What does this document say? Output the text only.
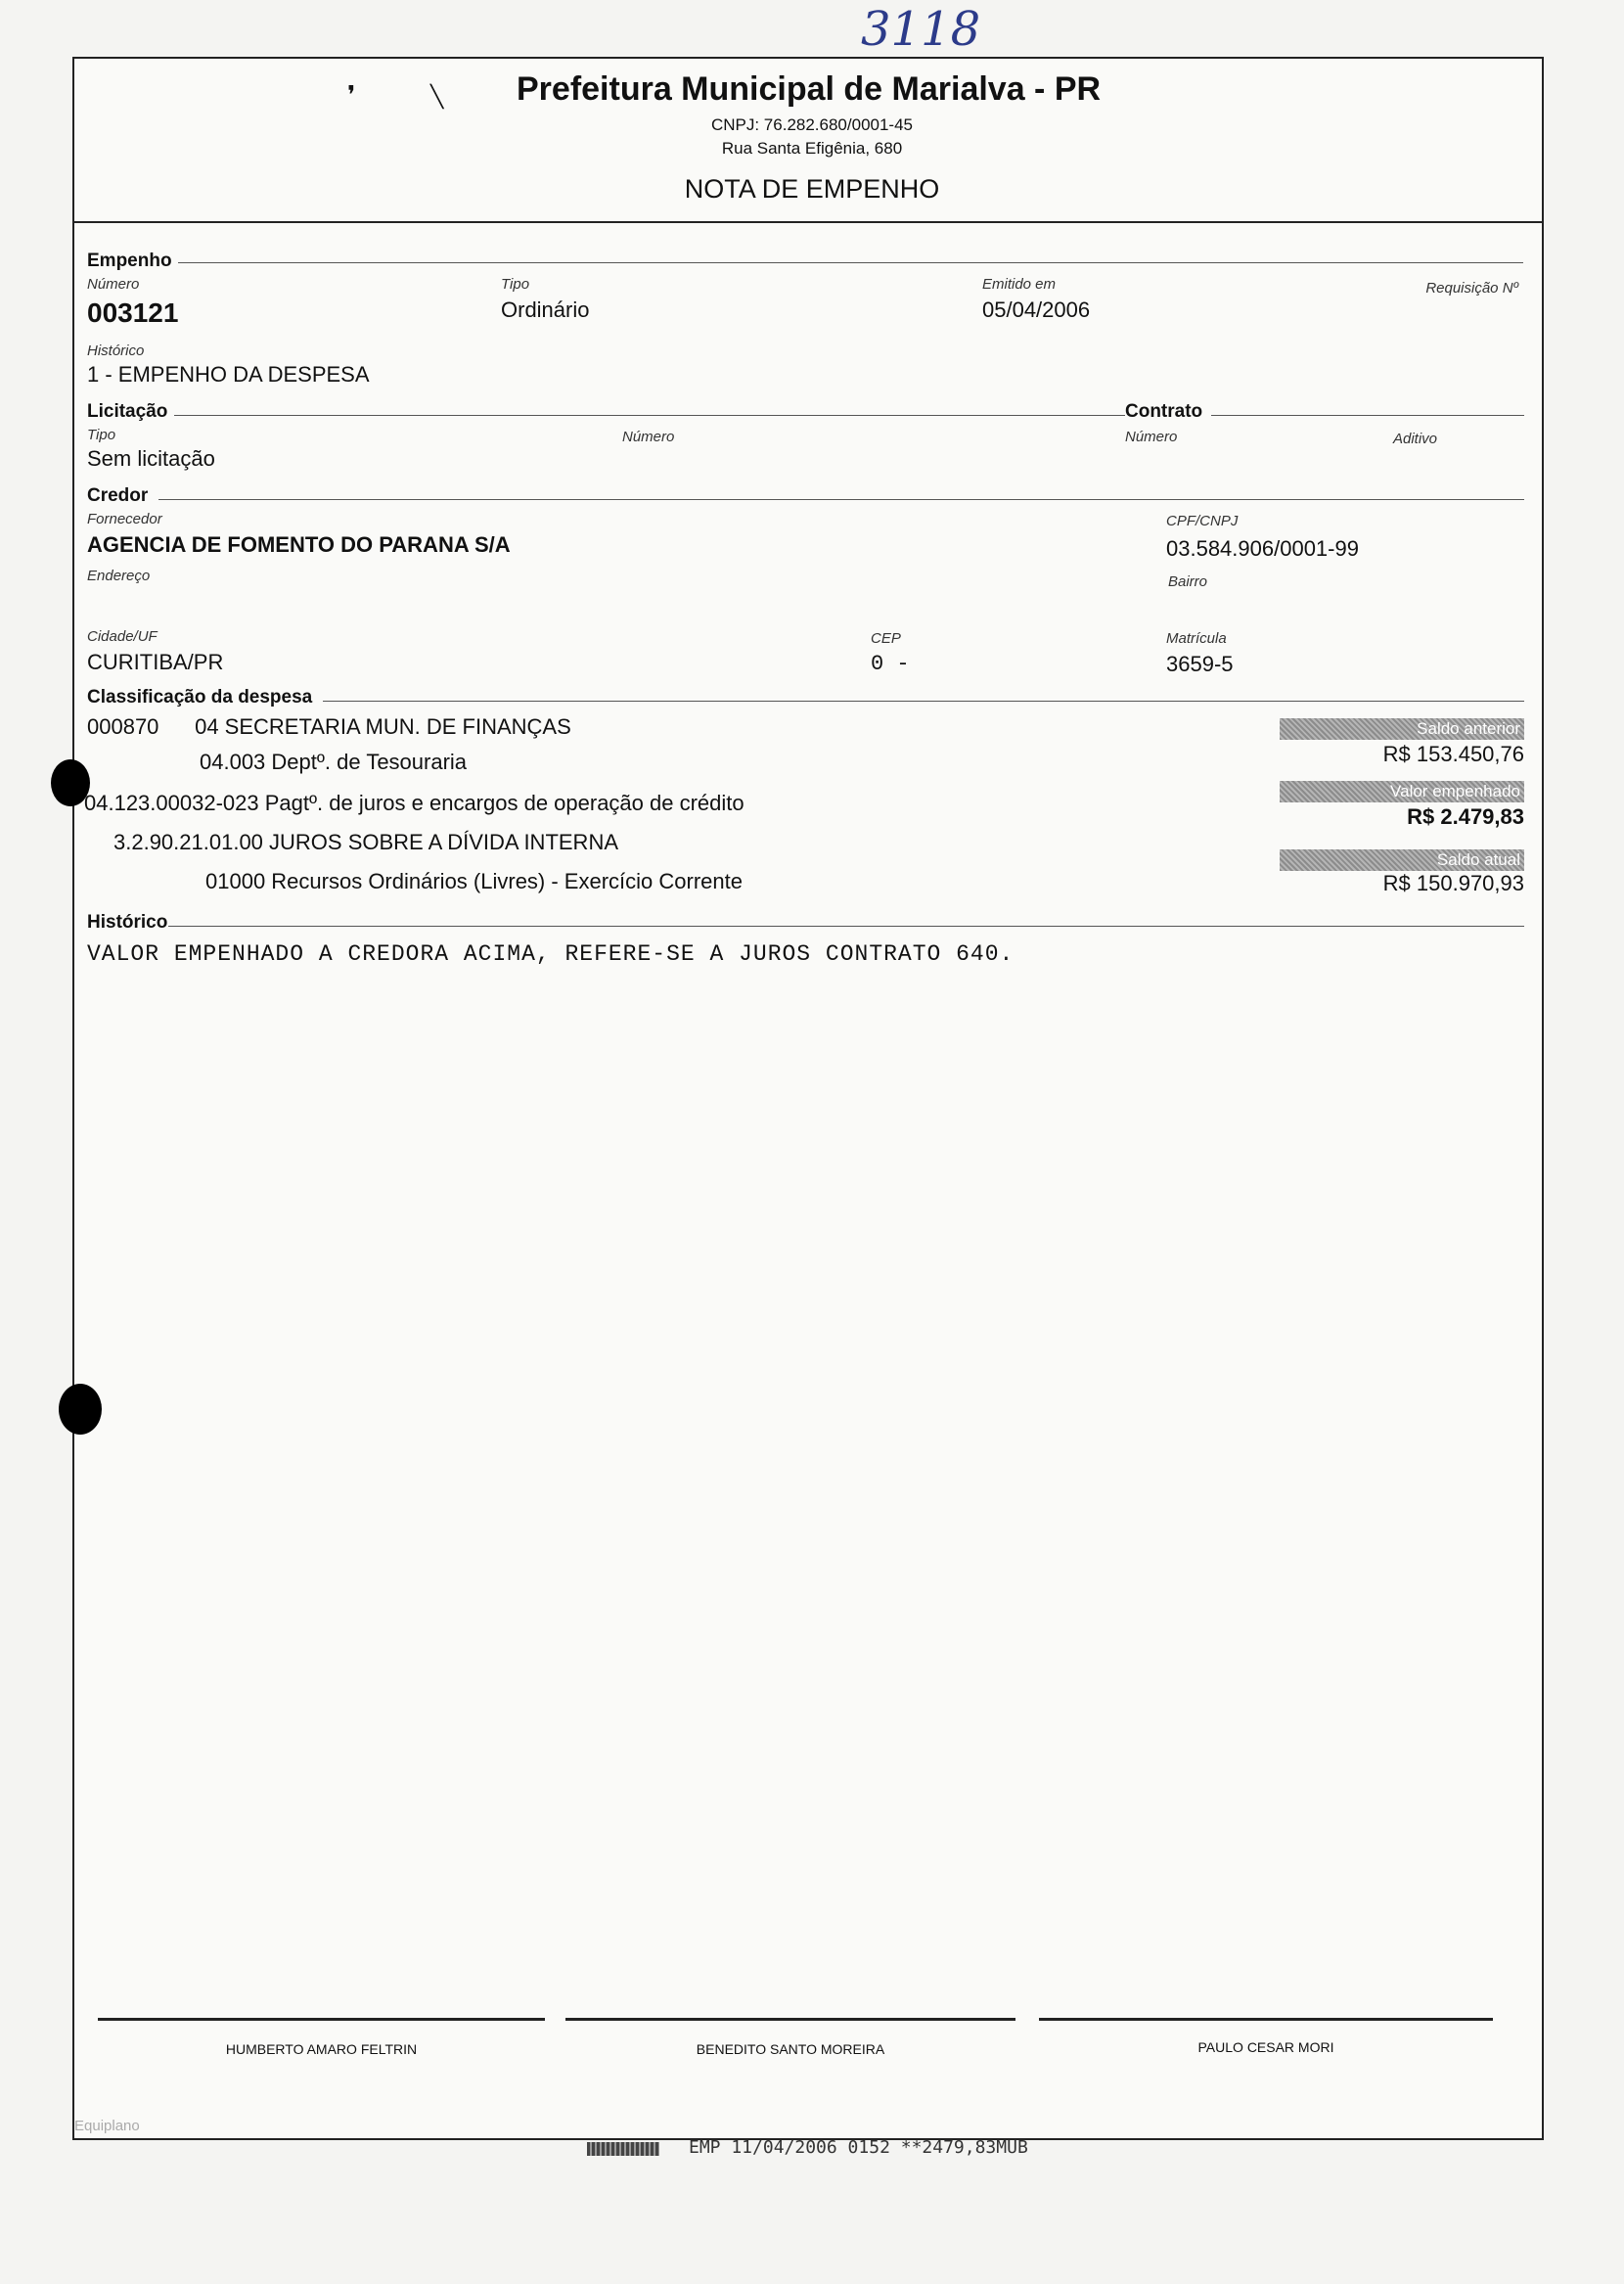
3118
❜	╲ Prefeitura Municipal de Marialva - PR
CNPJ: 76.282.680/0001-45
Rua Santa Efigênia, 680
NOTA DE EMPENHO
Empenho
Número
003121
Tipo
Ordinário
Emitido em
05/04/2006
Requisição Nº
Histórico
1 - EMPENHO DA DESPESA
Licitação	Contrato
Tipo
Sem licitação
Número	Número	Aditivo
Credor
Fornecedor
AGENCIA DE FOMENTO DO PARANA S/A
CPF/CNPJ
03.584.906/0001-99
Endereço	Bairro
Cidade/UF
CURITIBA/PR
CEP
0 -
Matrícula
3659-5
Classificação da despesa
000870      04 SECRETARIA MUN. DE FINANÇAS
04.003 Deptº. de Tesouraria
04.123.00032-023 Pagtº. de juros e encargos de operação de crédito
3.2.90.21.01.00 JUROS SOBRE A DÍVIDA INTERNA
01000 Recursos Ordinários (Livres) - Exercício Corrente
Saldo anterior
R$ 153.450,76
Valor empenhado
R$ 2.479,83
Saldo atual
R$ 150.970,93
Histórico
VALOR EMPENHADO A CREDORA ACIMA, REFERE-SE A JUROS CONTRATO 640.
HUMBERTO AMARO FELTRIN	BENEDITO SANTO MOREIRA	PAULO CESAR MORI
Equiplano
EMP 11/04/2006 0152 **2479,83MUB
